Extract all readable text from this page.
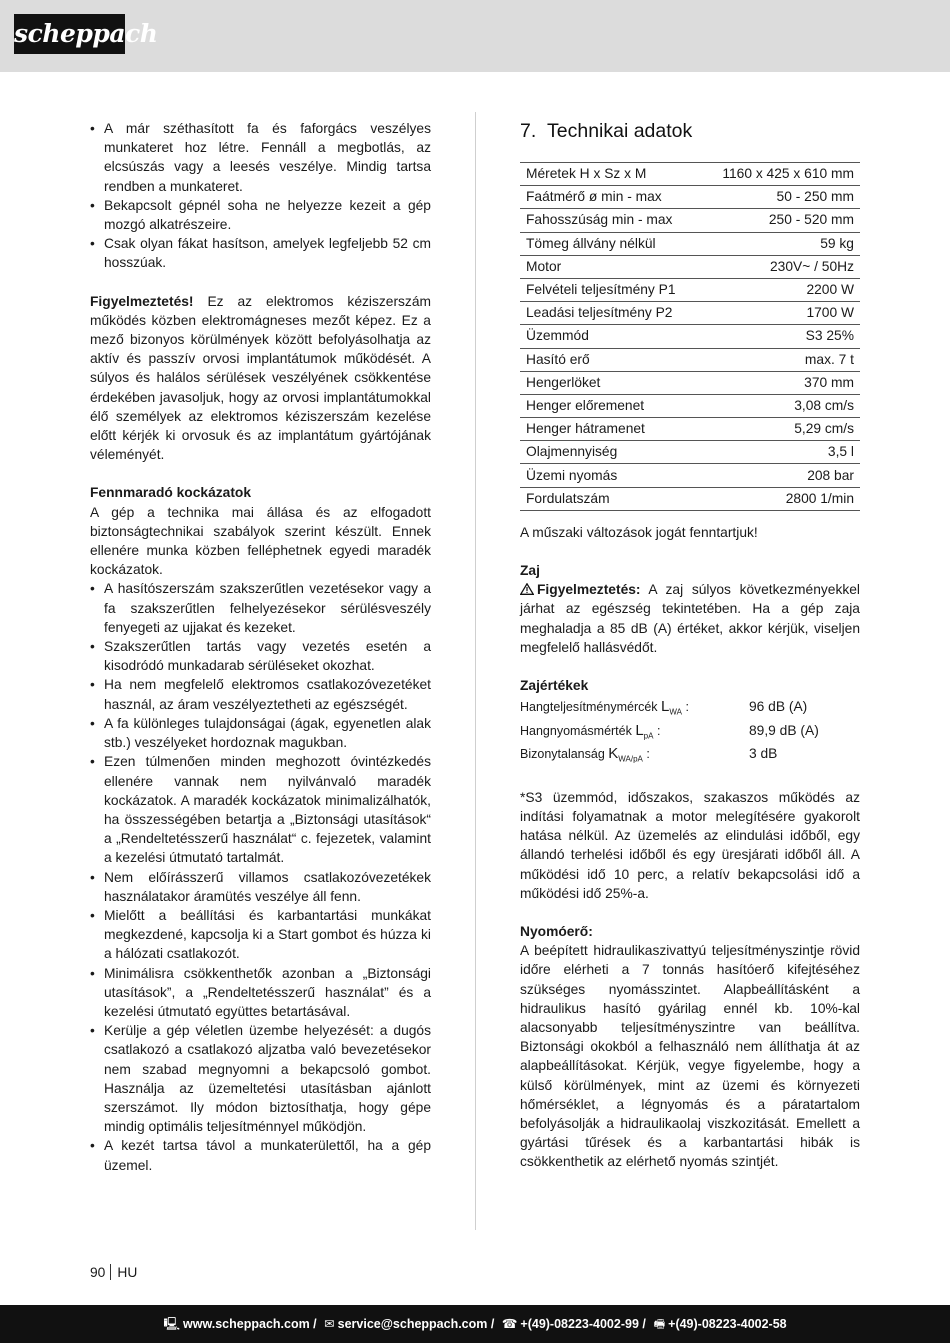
scheppach
• A már széthasított fa és faforgács veszélyes munkateret hoz létre. Fennáll a megbotlás, az elcsúszás vagy a leesés veszélye. Mindig tartsa rendben a munkateret.
• Bekapcsolt gépnél soha ne helyezze kezeit a gép mozgó alkatrészeire.
• Csak olyan fákat hasítson, amelyek legfeljebb 52 cm hosszúak.

Figyelmeztetés! Ez az elektromos kéziszerszám működés közben elektromágneses mezőt képez. Ez a mező bizonyos körülmények között befolyásolhatja az aktív és passzív orvosi implantátumok működését. A súlyos és halálos sérülések veszélyének csökkentése érdekében javasoljuk, hogy az orvosi implantátumokkal élő személyek az elektromos kéziszerszám kezelése előtt kérjék ki orvosuk és az implantátum gyártójának véleményét.

Fennmaradó kockázatok

A gép a technika mai állása és az elfogadott biztonságtechnikai szabályok szerint készült. Ennek ellenére munka közben felléphetnek egyedi maradék kockázatok.

• A hasítószerszám szakszerűtlen vezetésekor vagy a fa szakszerűtlen felhelyezésekor sérülésveszély fenyegeti az ujjakat és kezeket.
• Szakszerűtlen tartás vagy vezetés esetén a kisodródó munkadarab sérüléseket okozhat.
• Ha nem megfelelő elektromos csatlakozóvezetéket használ, az áram veszélyeztetheti az egészségét.
• A fa különleges tulajdonságai (ágak, egyenetlen alak stb.) veszélyeket hordoznak magukban.
• Ezen túlmenően minden meghozott óvintézkedés ellenére vannak nem nyilvánvaló maradék kockázatok. A maradék kockázatok minimalizálhatók, ha összességében betartja a „Biztonsági utasítások“ a „Rendeltetésszerű használat“ c. fejezetek, valamint a kezelési útmutató tartalmát.
• Nem előírásszerű villamos csatlakozóvezetékek használatakor áramütés veszélye áll fenn.
• Mielőtt a beállítási és karbantartási munkákat megkezdené, kapcsolja ki a Start gombot és húzza ki a hálózati csatlakozót.
• Minimálisra csökkenthetők azonban a „Biztonsági utasítások”, a „Rendeltetésszerű használat” és a kezelési útmutató együttes betartásával.
• Kerülje a gép véletlen üzembe helyezését: a dugós csatlakozó a csatlakozó aljzatba való bevezetésekor nem szabad megnyomni a bekapcsoló gombot. Használja az üzemeltetési utasításban ajánlott szerszámot. Ily módon biztosíthatja, hogy gépe mindig optimális teljesítménnyel működjön.
• A kezét tartsa távol a munkaterülettől, ha a gép üzemel.
7. Technikai adatok
Méretek H x Sz x M	1160 x 425 x 610 mm
Faátmérő ø min - max	50 - 250 mm
Fahosszúság min - max	250 - 520 mm
Tömeg állvány nélkül	59 kg
Motor	230V~ / 50Hz
Felvételi teljesítmény P1	2200 W
Leadási teljesítmény P2	1700 W
Üzemmód	S3 25%
Hasító erő	max. 7 t
Hengerlöket	370 mm
Henger előremenet	3,08 cm/s
Henger hátramenet	5,29 cm/s
Olajmennyiség	3,5 l
Üzemi nyomás	208 bar
Fordulatszám	2800 1/min

A műszaki változások jogát fenntartjuk!

Zaj

Figyelmeztetés: A zaj súlyos következményekkel járhat az egészség tekintetében. Ha a gép zaja meghaladja a 85 dB (A) értéket, akkor kérjük, viseljen megfelelő hallásvédőt.

Zajértékek

Hangteljesítménymércék $L_{WA}$ :	96 dB (A)
Hangnyomásmérték $L_{pA}$ :	89,9 dB (A)
Bizonytalanság $K_{WA/pA}$ :	3 dB

*S3 üzemmód, időszakos, szakaszos működés az indítási folyamatnak a motor melegítésére gyakorolt hatása nélkül. Az üzemelés az elindulási időből, egy állandó terhelési időből és egy üresjárati időből áll. A működési idő 10 perc, a relatív bekapcsolási idő a működési idő 25%-a.

Nyomóerő:

A beépített hidraulikaszivattyú teljesítményszintje rövid időre elérheti a 7 tonnás hasítóerő kifejtéséhez szükséges nyomásszintet. Alapbeállításként a hidraulikus hasító gyárilag ennél kb. 10%-kal alacsonyabb teljesítményszintre van beállítva. Biztonsági okokból a felhasználó nem állíthatja át az alapbeállításokat. Kérjük, vegye figyelembe, hogy a külső körülmények, mint az üzemi és környezeti hőmérséklet, a légnyomás és a páratartalom befolyásolják a hidraulikaolaj viszkozitását. Emellett a gyártási tűrések és a karbantartási hibák is csökkenthetik az elérhető nyomás szintjét.

90 HU
🖳 www.scheppach.com / ✉ service@scheppach.com / ☎ +(49)-08223-4002-99 / 🖷 +(49)-08223-4002-58
